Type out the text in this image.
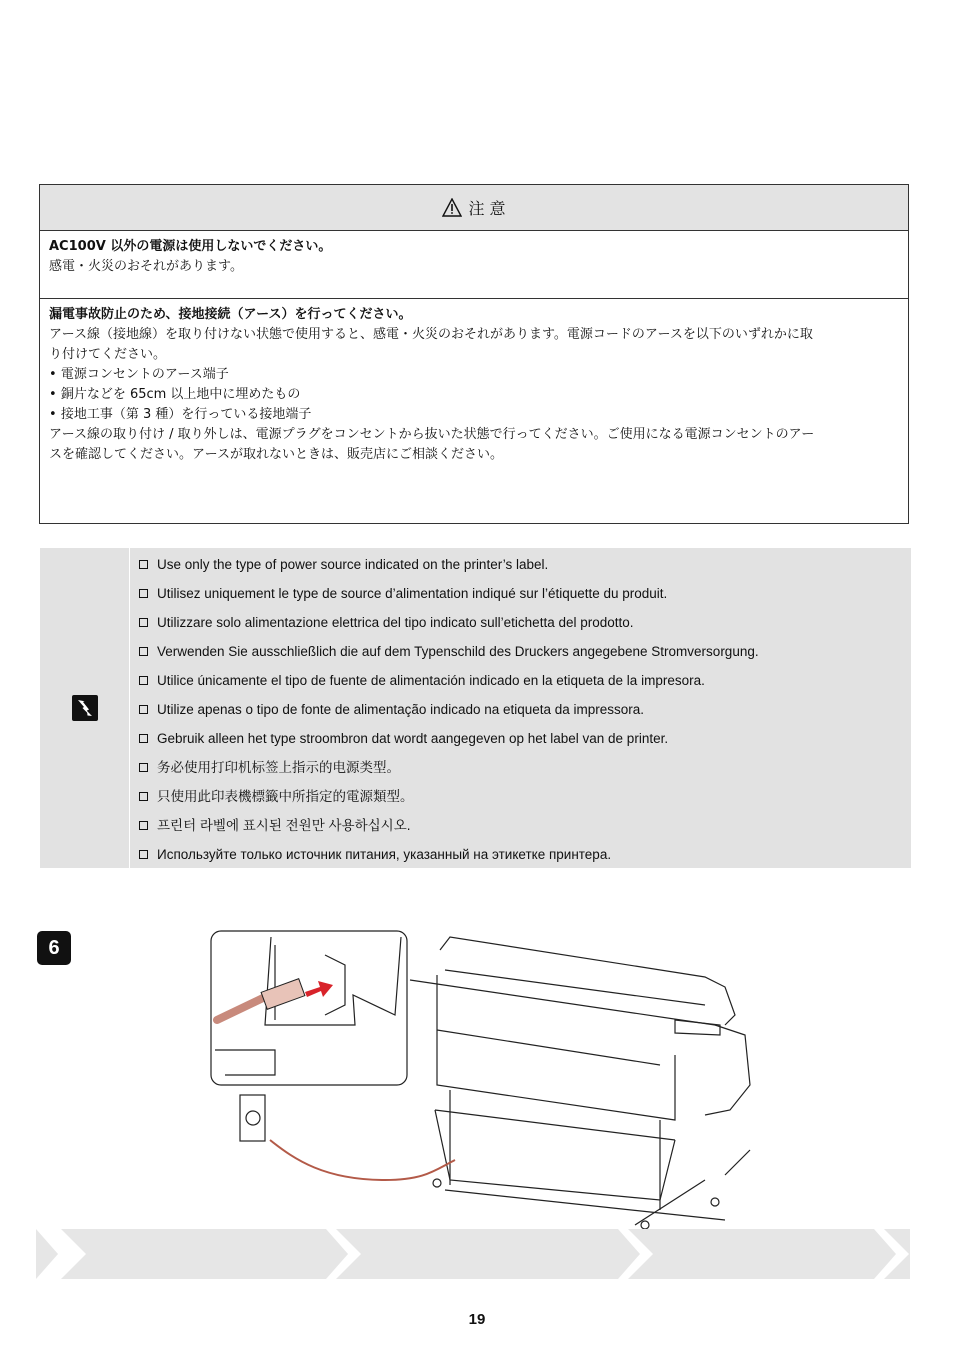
注 意
AC100V 以外の電源は使用しないでください。
感電・火災のおそれがあります。
漏電事故防止のため、接地接続（アース）を行ってください。
アース線（接地線）を取り付けない状態で使用すると、感電・火災のおそれがあります。電源コードのアースを以下のいずれかに取
り付けてください。
• 電源コンセントのアース端子
• 銅片などを 65cm 以上地中に埋めたもの
• 接地工事（第 3 種）を行っている接地端子
アース線の取り付け / 取り外しは、電源プラグをコンセントから抜いた状態で行ってください。ご使用になる電源コンセントのアー
スを確認してください。アースが取れないときは、販売店にご相談ください。
Use only the type of power source indicated on the printer’s label.
Utilisez uniquement le type de source d’alimentation indiqué sur l’étiquette du produit.
Utilizzare solo alimentazione elettrica del tipo indicato sull’etichetta del prodotto.
Verwenden Sie ausschließlich die auf dem Typenschild des Druckers angegebene Stromversorgung.
Utilice únicamente el tipo de fuente de alimentación indicado en la etiqueta de la impresora.
Utilize apenas o tipo de fonte de alimentação indicado na etiqueta da impressora.
Gebruik alleen het type stroombron dat wordt aangegeven op het label van de printer.
务必使用打印机标签上指示的电源类型。
只使用此印表機標籤中所指定的電源類型。
프린터 라벨에 표시된 전원만 사용하십시오.
Используйте только источник питания, указанный на этикетке принтера.
6
19
